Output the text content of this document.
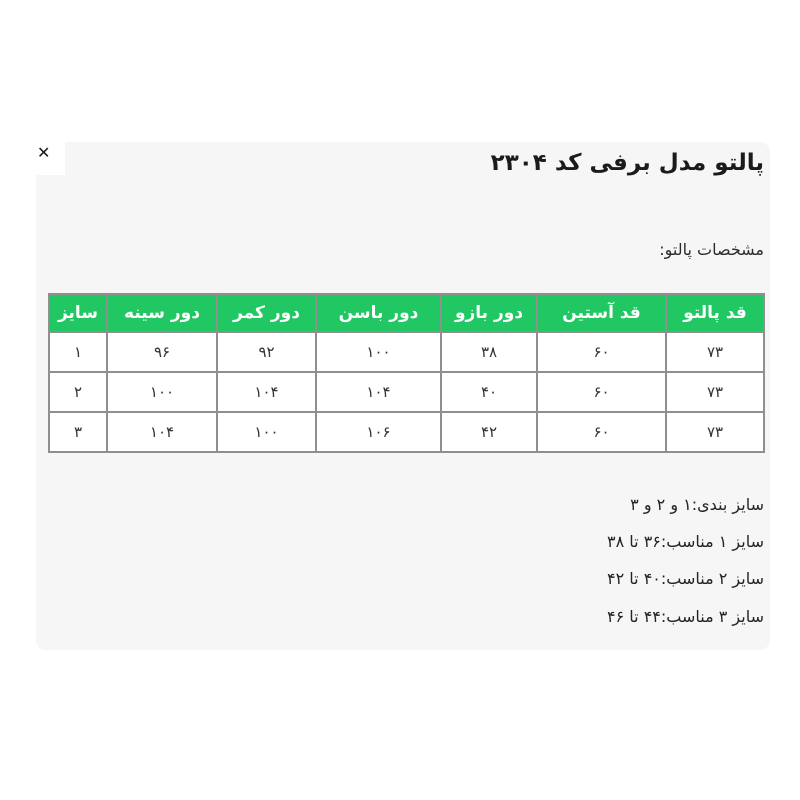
✕	پالتو مدل برفی کد ۲۳۰۴
مشخصات پالتو:
قد پالتو	قد آستین	دور بازو	دور باسن	دور کمر	دور سینه	سایز
۷۳	۶۰	۳۸	۱۰۰	۹۲	۹۶	۱
۷۳	۶۰	۴۰	۱۰۴	۱۰۴	۱۰۰	۲
۷۳	۶۰	۴۲	۱۰۶	۱۰۰	۱۰۴	۳
سایز بندی:۱ و ۲ و ۳
سایز ۱ مناسب:۳۶ تا ۳۸
سایز ۲ مناسب:۴۰ تا ۴۲
سایز ۳ مناسب:۴۴ تا ۴۶
